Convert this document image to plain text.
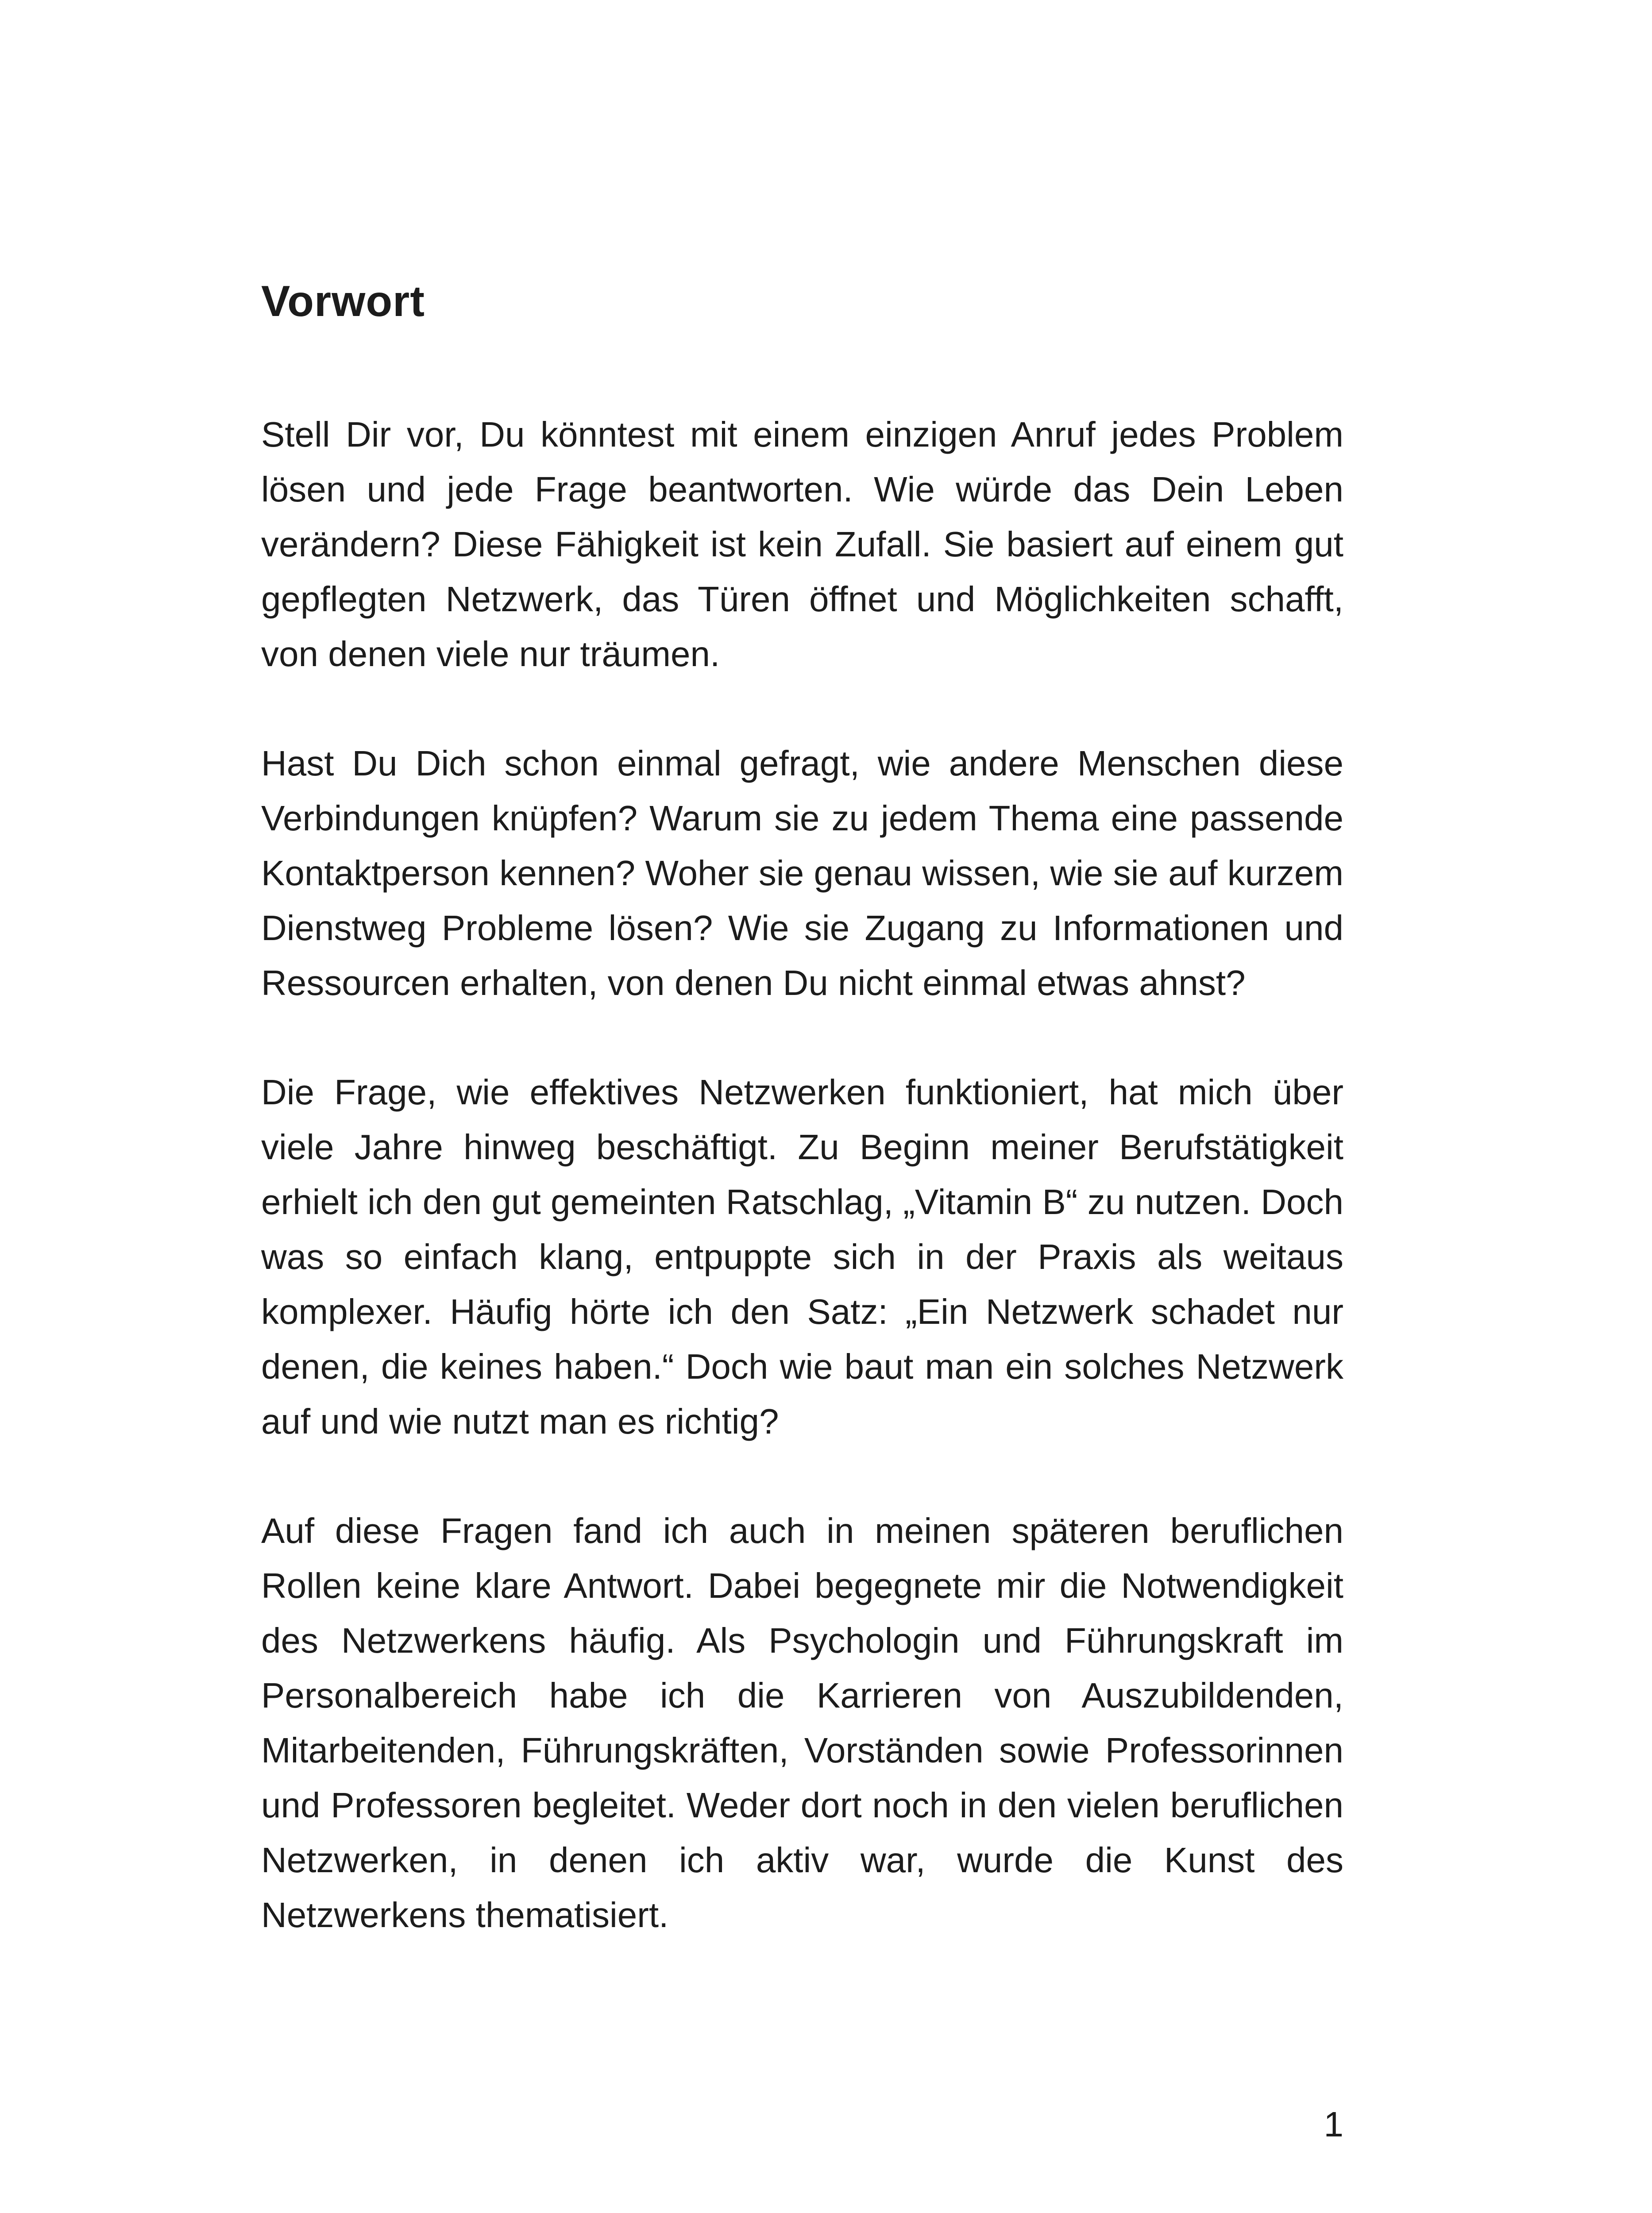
Vorwort

Stell Dir vor, Du könntest mit einem einzigen Anruf jedes Problem lösen und jede Frage beantworten. Wie würde das Dein Leben verändern? Diese Fähigkeit ist kein Zufall. Sie basiert auf einem gut gepflegten Netzwerk, das Türen öffnet und Möglichkeiten schafft, von denen viele nur träumen.

Hast Du Dich schon einmal gefragt, wie andere Menschen diese Verbindungen knüpfen? Warum sie zu jedem Thema eine passende Kontaktperson kennen? Woher sie genau wissen, wie sie auf kurzem Dienstweg Probleme lösen? Wie sie Zugang zu Informationen und Ressourcen erhalten, von denen Du nicht einmal etwas ahnst?

Die Frage, wie effektives Netzwerken funktioniert, hat mich über viele Jahre hinweg beschäftigt. Zu Beginn meiner Berufstätigkeit erhielt ich den gut gemeinten Ratschlag, „Vitamin B“ zu nutzen. Doch was so einfach klang, entpuppte sich in der Praxis als weitaus komplexer. Häufig hörte ich den Satz: „Ein Netzwerk schadet nur denen, die keines haben.“ Doch wie baut man ein solches Netzwerk auf und wie nutzt man es richtig?

Auf diese Fragen fand ich auch in meinen späteren beruflichen Rollen keine klare Antwort. Dabei begegnete mir die Notwendigkeit des Netzwerkens häufig. Als Psychologin und Führungskraft im Personalbereich habe ich die Karrieren von Auszubildenden, Mitarbeitenden, Führungskräften, Vorständen sowie Professorinnen und Professoren begleitet. Weder dort noch in den vielen beruflichen Netzwerken, in denen ich aktiv war, wurde die Kunst des Netzwerkens thematisiert.

1
